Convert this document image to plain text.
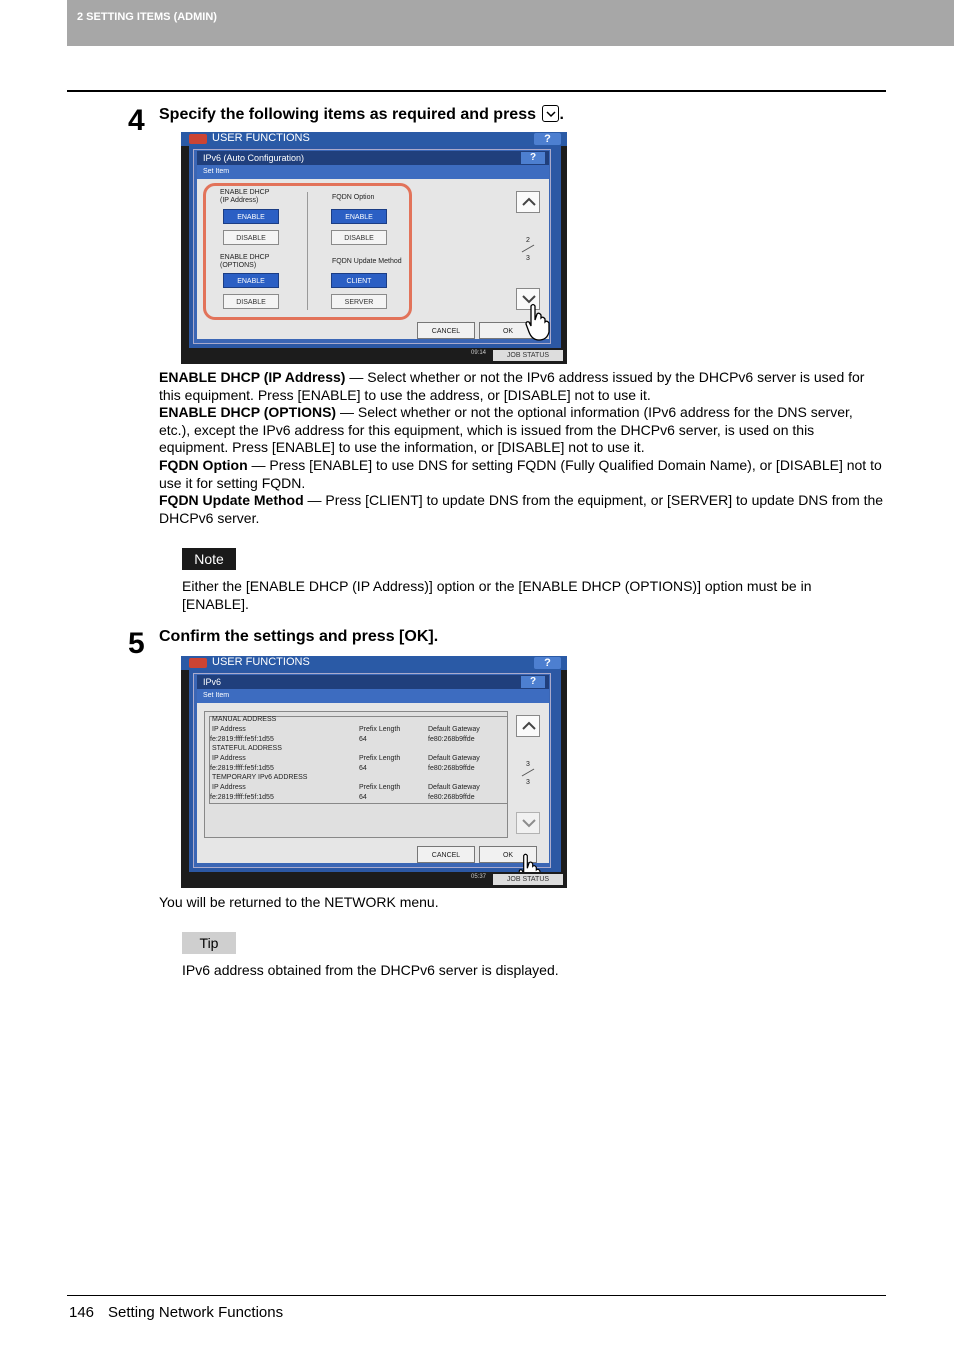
2 SETTING ITEMS (ADMIN)
4 Specify the following items as required and press .
USER FUNCTIONS	?
IPv6 (Auto Configuration)	?
Set Item
ENABLE DHCP
(IP Address)
ENABLE
DISABLE
ENABLE DHCP
(OPTIONS)
ENABLE
DISABLE
FQDN Option
ENABLE
DISABLE
FQDN Update Method
CLIENT
SERVER
2
3
CANCEL	OK
09:14	JOB STATUS
ENABLE DHCP (IP Address) — Select whether or not the IPv6 address issued by the DHCPv6 server is used for this equipment. Press [ENABLE] to use the address, or [DISABLE] not to use it.
ENABLE DHCP (OPTIONS) — Select whether or not the optional information (IPv6 address for the DNS server, etc.), except the IPv6 address for this equipment, which is issued from the DHCPv6 server, is used on this equipment. Press [ENABLE] to use the information, or [DISABLE] not to use it.
FQDN Option — Press [ENABLE] to use DNS for setting FQDN (Fully Qualified Domain Name), or [DISABLE] not to use it for setting FQDN.
FQDN Update Method — Press [CLIENT] to update DNS from the equipment, or [SERVER] to update DNS from the DHCPv6 server.
Note
Either the [ENABLE DHCP (IP Address)] option or the [ENABLE DHCP (OPTIONS)] option must be in [ENABLE].
5 Confirm the settings and press [OK].
USER FUNCTIONS	?
IPv6	?
Set Item
MANUAL ADDRESS
IP Address	Prefix Length	Default Gateway
fe:2819:ffff:fe5f:1d55	64	fe80:268b9ffde
STATEFUL ADDRESS
IP Address	Prefix Length	Default Gateway
fe:2819:ffff:fe5f:1d55	64	fe80:268b9ffde
TEMPORARY IPv6 ADDRESS
IP Address	Prefix Length	Default Gateway
fe:2819:ffff:fe5f:1d55	64	fe80:268b9ffde
3
3
CANCEL	OK
05:37	JOB STATUS
You will be returned to the NETWORK menu.
Tip
IPv6 address obtained from the DHCPv6 server is displayed.
146 Setting Network Functions
